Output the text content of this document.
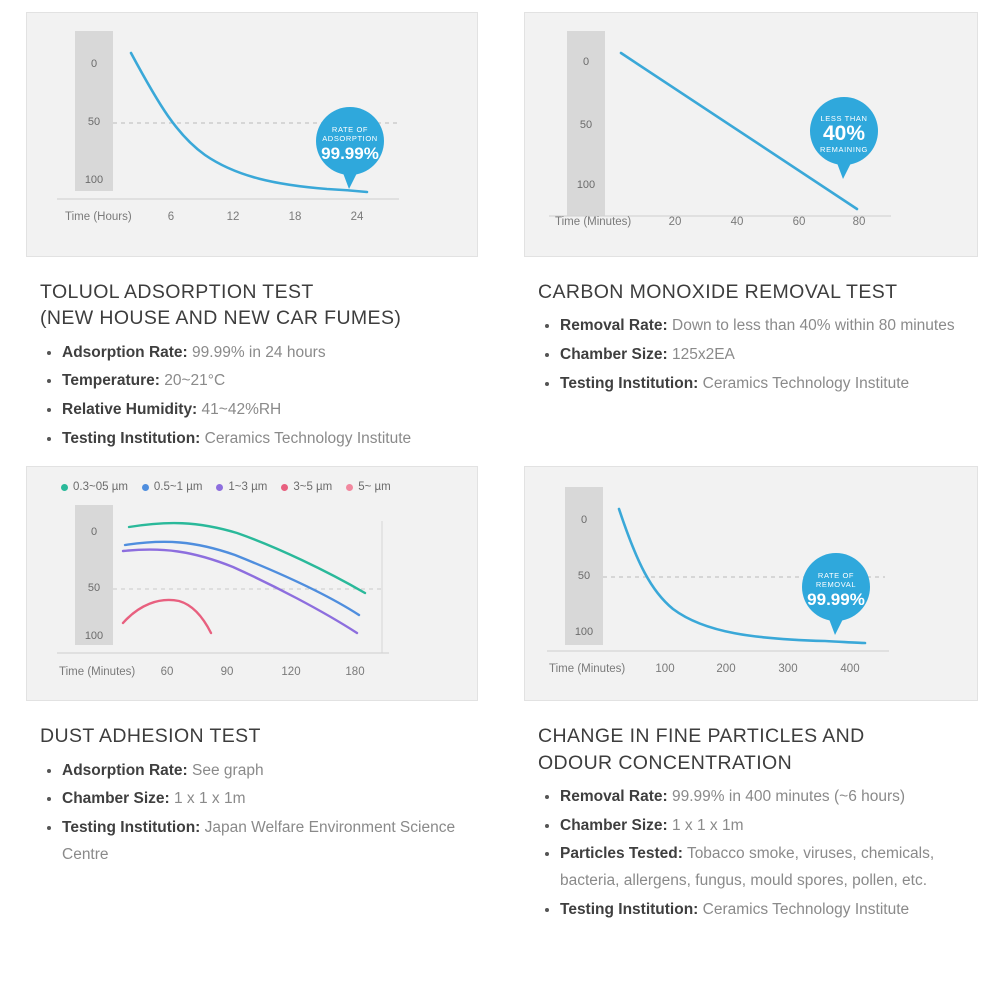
0
50
100
Time (Hours)	6	12	18	24
RATE OF
ADSORPTION
99.99%
TOLUOL ADSORPTION TEST
(NEW HOUSE AND NEW CAR FUMES)
• Adsorption Rate: 99.99% in 24 hours
• Temperature: 20~21°C
• Relative Humidity: 41~42%RH
• Testing Institution: Ceramics Technology Institute
0
50
100
Time (Minutes)	20	40	60	80
LESS THAN
40%
REMAINING
CARBON MONOXIDE REMOVAL TEST
• Removal Rate: Down to less than 40% within 80 minutes
• Chamber Size: 125x2EA
• Testing Institution: Ceramics Technology Institute
0.3~05 µm 0.5~1 µm 1~3 µm 3~5 µm 5~ µm
0
50
100
Time (Minutes) 60	90	120	180
DUST ADHESION TEST
• Adsorption Rate: See graph
• Chamber Size: 1 x 1 x 1m
• Testing Institution: Japan Welfare Environment Science Centre
0
50
100
Time (Minutes)	100	200	300	400
RATE OF
REMOVAL
99.99%
CHANGE IN FINE PARTICLES AND
ODOUR CONCENTRATION
• Removal Rate: 99.99% in 400 minutes (~6 hours)
• Chamber Size: 1 x 1 x 1m
• Particles Tested: Tobacco smoke, viruses, chemicals, bacteria, allergens, fungus, mould spores, pollen, etc.
• Testing Institution: Ceramics Technology Institute
